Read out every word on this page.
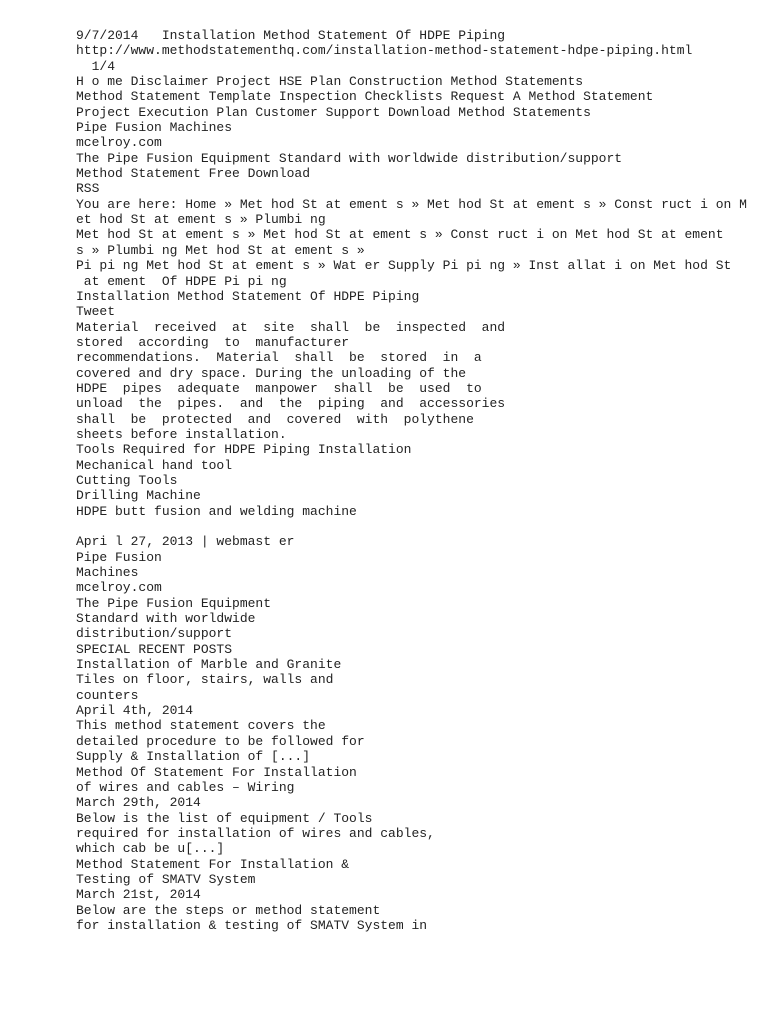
9/7/2014 Installation Method Statement Of HDPE Piping
http://www.methodstatementhq.com/installation-method-statement-hdpe-piping.html
1/4
H o me Disclaimer Project HSE Plan Construction Method Statements
Method Statement Template Inspection Checklists Request A Method Statement
Project Execution Plan Customer Support Download Method Statements
Pipe Fusion Machines
mcelroy.com
The Pipe Fusion Equipment Standard with worldwide distribution/support
Method Statement Free Download
RSS
You are here: Home » Met hod St at ement s » Met hod St at ement s » Const ruct i on M
et hod St at ement s » Plumbi ng
Met hod St at ement s » Met hod St at ement s » Const ruct i on Met hod St at ement
s » Plumbi ng Met hod St at ement s »
Pi pi ng Met hod St at ement s » Wat er Supply Pi pi ng » Inst allat i on Met hod St
at ement  Of HDPE Pi pi ng
Installation Method Statement Of HDPE Piping
Tweet
Material  received  at  site  shall  be  inspected  and
stored  according  to  manufacturer
recommendations.  Material  shall  be  stored  in  a
covered and dry space. During the unloading of the
HDPE  pipes  adequate  manpower  shall  be  used  to
unload  the  pipes.  and  the  piping  and  accessories
shall  be  protected  and  covered  with  polythene
sheets before installation.
Tools Required for HDPE Piping Installation
Mechanical hand tool
Cutting Tools
Drilling Machine
HDPE butt fusion and welding machine
Apri l 27, 2013 | webmast er
Pipe Fusion
Machines
mcelroy.com
The Pipe Fusion Equipment
Standard with worldwide
distribution/support
SPECIAL RECENT POSTS
Installation of Marble and Granite
Tiles on floor, stairs, walls and
counters
April 4th, 2014
This method statement covers the
detailed procedure to be followed for
Supply & Installation of [...]
Method Of Statement For Installation
of wires and cables – Wiring
March 29th, 2014
Below is the list of equipment / Tools
required for installation of wires and cables,
which cab be u[...]
Method Statement For Installation &
Testing of SMATV System
March 21st, 2014
Below are the steps or method statement
for installation & testing of SMATV System in
